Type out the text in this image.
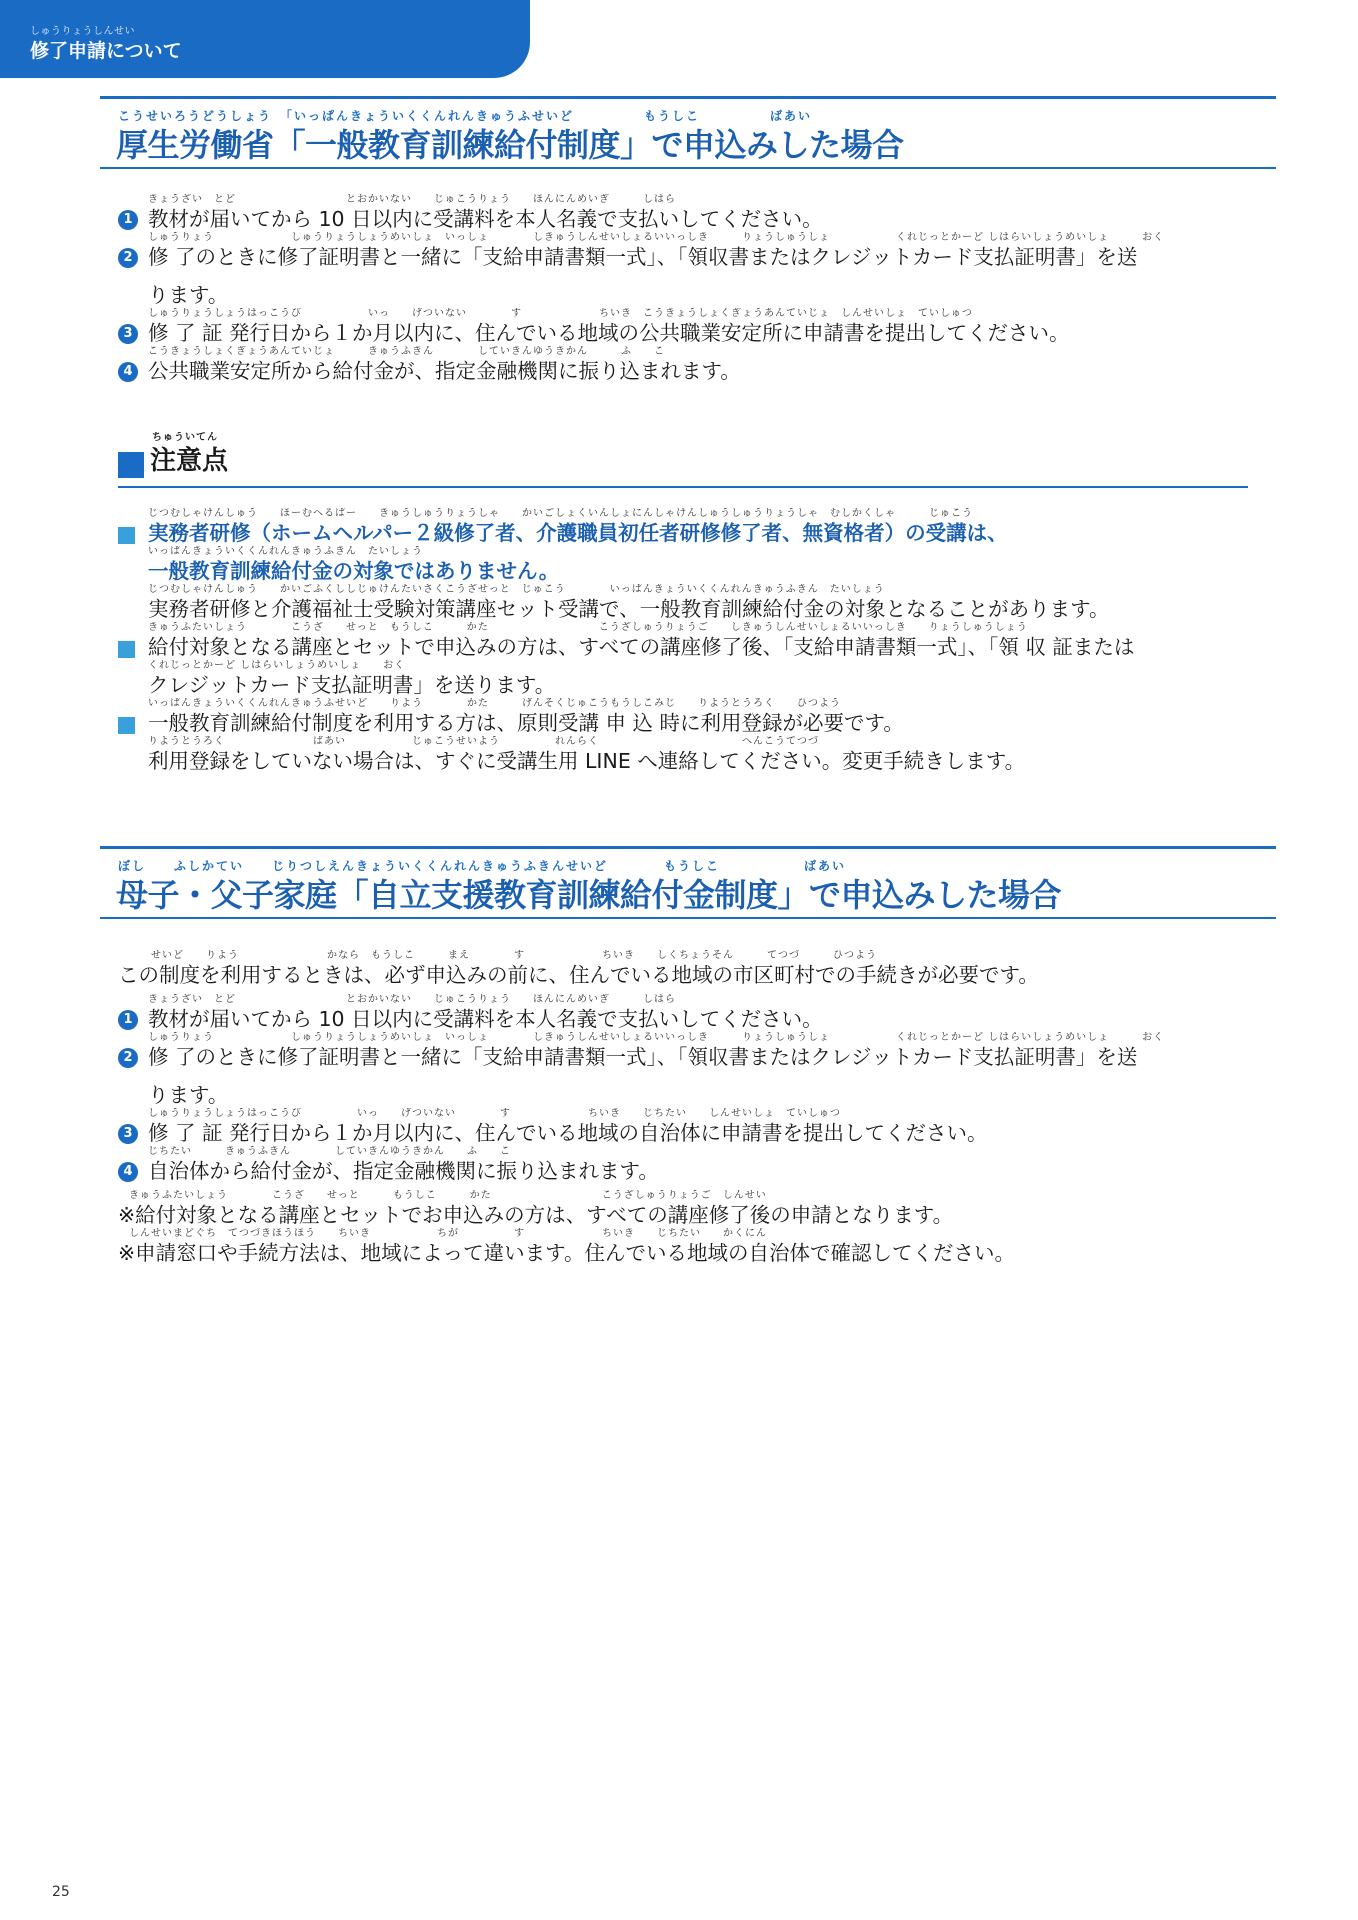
しゅうりょうしんせい
修了申請について
こうせいろうどうしょう　「いっぱんきょういくくんれんきゅうふせいど　　　　　もうしこ　　　　　ばあい
厚生労働省「一般教育訓練給付制度」で申込みした場合
1
きょうざい　とど　　　　　　　　　　とおかいない　　じゅこうりょう　　ほんにんめいぎ　　　しはら
教材が届いてから 10 日以内に受講料を本人名義で支払いしてください。
2
しゅうりょう　　　　　　　しゅうりょうしょうめいしょ　いっしょ　　　　しきゅうしんせいしょるいいっしき　　　りょうしゅうしょ　　　　　　くれじっとかーど しはらいしょうめいしょ　　　おく
修 了のときに修了証明書と一緒に「支給申請書類一式」、「領収書またはクレジットカード支払証明書」を送
ります。
3
しゅうりょうしょうはっこうび　　　　　　いっ　　げついない　　　　す　　　　　　　ちいき　こうきょうしょくぎょうあんていじょ　しんせいしょ　ていしゅつ
修 了 証 発行日から１か月以内に、住んでいる地域の公共職業安定所に申請書を提出してください。
4
こうきょうしょくぎょうあんていじょ　　　きゅうふきん　　　　していきんゆうきかん　　　ふ　　こ
公共職業安定所から給付金が、指定金融機関に振り込まれます。
ちゅういてん
注意点
じつむしゃけんしゅう　　ほーむへるぱー　　きゅうしゅうりょうしゃ　　かいごしょくいんしょにんしゃけんしゅうしゅうりょうしゃ　むしかくしゃ　　　じゅこう
実務者研修（ホームヘルパー２級修了者、介護職員初任者研修修了者、無資格者）の受講は、
いっぱんきょういくくんれんきゅうふきん　たいしょう
一般教育訓練給付金の対象ではありません。
じつむしゃけんしゅう　　かいごふくししじゅけんたいさくこうざせっと　じゅこう　　　　いっぱんきょういくくんれんきゅうふきん　たいしょう
実務者研修と介護福祉士受験対策講座セット受講で、一般教育訓練給付金の対象となることがあります。
きゅうふたいしょう　　　　こうざ　　せっと　もうしこ　　　かた　　　　　　　　　　こうざしゅうりょうご　　しきゅうしんせいしょるいいっしき　　りょうしゅうしょう
給付対象となる講座とセットで申込みの方は、すべての講座修了後、「支給申請書類一式」、「領 収 証または
くれじっとかーど しはらいしょうめいしょ　　おく
クレジットカード支払証明書」を送ります。
いっぱんきょういくくんれんきゅうふせいど　　りよう　　　　かた　　　げんそくじゅこうもうしこみじ　　りようとうろく　　ひつよう
一般教育訓練給付制度を利用する方は、原則受講 申 込 時に利用登録が必要です。
りようとうろく　　　　　　　　ばあい　　　　　　じゅこうせいよう　　　　　れんらく　　　　　　　　　　　　　へんこうてつづ
利用登録をしていない場合は、すぐに受講生用 LINE へ連絡してください。変更手続きします。
ぼし　　ふしかてい　　じりつしえんきょういくくんれんきゅうふきんせいど　　　　もうしこ　　　　　　ばあい
母子・父子家庭「自立支援教育訓練給付金制度」で申込みした場合
　　　せいど　　りよう　　　　　　　　かなら　もうしこ　　　まえ　　　　す　　　　　　　ちいき　　しくちょうそん　　　てつづ　　　ひつよう
この制度を利用するときは、必ず申込みの前に、住んでいる地域の市区町村での手続きが必要です。
1
きょうざい　とど　　　　　　　　　　とおかいない　　じゅこうりょう　　ほんにんめいぎ　　　しはら
教材が届いてから 10 日以内に受講料を本人名義で支払いしてください。
2
しゅうりょう　　　　　　　しゅうりょうしょうめいしょ　いっしょ　　　　しきゅうしんせいしょるいいっしき　　　りょうしゅうしょ　　　　　　くれじっとかーど しはらいしょうめいしょ　　　おく
修 了のときに修了証明書と一緒に「支給申請書類一式」、「領収書またはクレジットカード支払証明書」を送
ります。
3
しゅうりょうしょうはっこうび　　　　　いっ　　げついない　　　　す　　　　　　　ちいき　　じちたい　　しんせいしょ　ていしゅつ
修 了 証 発行日から１か月以内に、住んでいる地域の自治体に申請書を提出してください。
4
じちたい　　　きゅうふきん　　　　していきんゆうきかん　　ふ　　こ
自治体から給付金が、指定金融機関に振り込まれます。
　きゅうふたいしょう　　　　こうざ　　せっと　　　もうしこ　　　かた　　　　　　　　　　こうざしゅうりょうご　しんせい
※給付対象となる講座とセットでお申込みの方は、すべての講座修了後の申請となります。
　しんせいまどぐち　てつづきほうほう　　ちいき　　　　　　ちが　　　　　す　　　　　　　ちいき　　じちたい　　かくにん
※申請窓口や手続方法は、地域によって違います。住んでいる地域の自治体で確認してください。
25
